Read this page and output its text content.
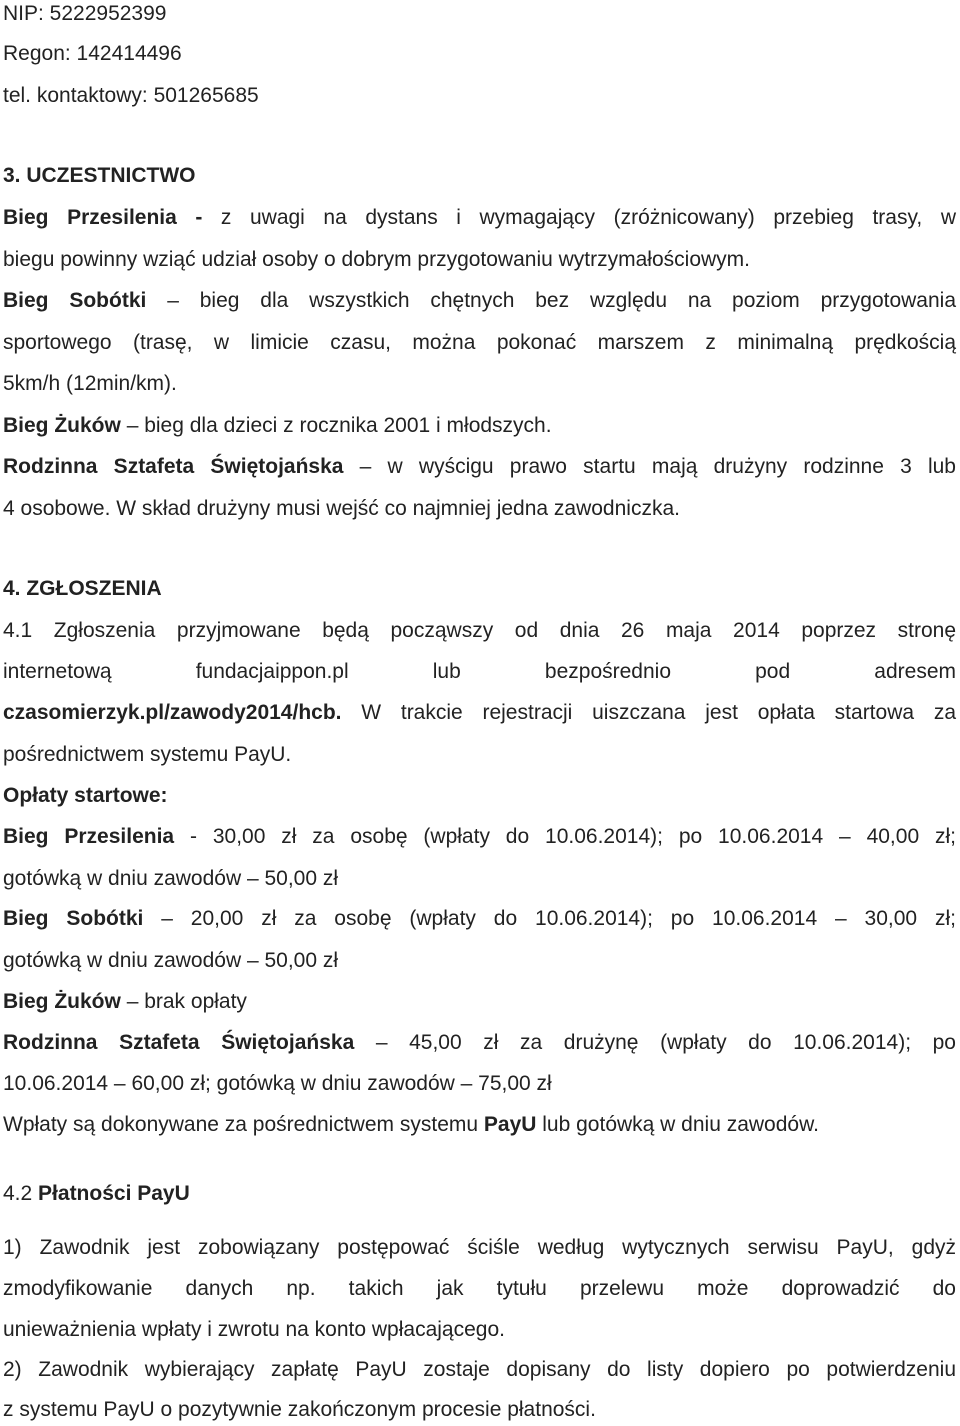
NIP: 5222952399
Regon: 142414496
tel. kontaktowy: 501265685
3. UCZESTNICTWO
Bieg Przesilenia - z uwagi na dystans i wymagający (zróżnicowany) przebieg trasy, w
biegu powinny wziąć udział osoby o dobrym przygotowaniu wytrzymałościowym.
Bieg Sobótki – bieg dla wszystkich chętnych bez względu na poziom przygotowania
sportowego (trasę, w limicie czasu, można pokonać marszem z minimalną prędkością
5km/h (12min/km).
Bieg Żuków – bieg dla dzieci z rocznika 2001 i młodszych.
Rodzinna Sztafeta Świętojańska – w wyścigu prawo startu mają drużyny rodzinne 3 lub
4 osobowe. W skład drużyny musi wejść co najmniej jedna zawodniczka.
4. ZGŁOSZENIA
4.1 Zgłoszenia przyjmowane będą począwszy od dnia 26 maja 2014 poprzez stronę
internetową fundacjaippon.pl lub bezpośrednio pod adresem
czasomierzyk.pl/zawody2014/hcb. W trakcie rejestracji uiszczana jest opłata startowa za
pośrednictwem systemu PayU.
Opłaty startowe:
Bieg Przesilenia - 30,00 zł za osobę (wpłaty do 10.06.2014); po 10.06.2014 – 40,00 zł;
gotówką w dniu zawodów – 50,00 zł
Bieg Sobótki – 20,00 zł za osobę (wpłaty do 10.06.2014); po 10.06.2014 – 30,00 zł;
gotówką w dniu zawodów – 50,00 zł
Bieg Żuków – brak opłaty
Rodzinna Sztafeta Świętojańska – 45,00 zł za drużynę (wpłaty do 10.06.2014); po
10.06.2014 – 60,00 zł; gotówką w dniu zawodów – 75,00 zł
Wpłaty są dokonywane za pośrednictwem systemu PayU lub gotówką w dniu zawodów.
4.2 Płatności PayU
1) Zawodnik jest zobowiązany postępować ściśle według wytycznych serwisu PayU, gdyż
zmodyfikowanie danych np. takich jak tytułu przelewu może doprowadzić do
unieważnienia wpłaty i zwrotu na konto wpłacającego.
2) Zawodnik wybierający zapłatę PayU zostaje dopisany do listy dopiero po potwierdzeniu
z systemu PayU o pozytywnie zakończonym procesie płatności.
